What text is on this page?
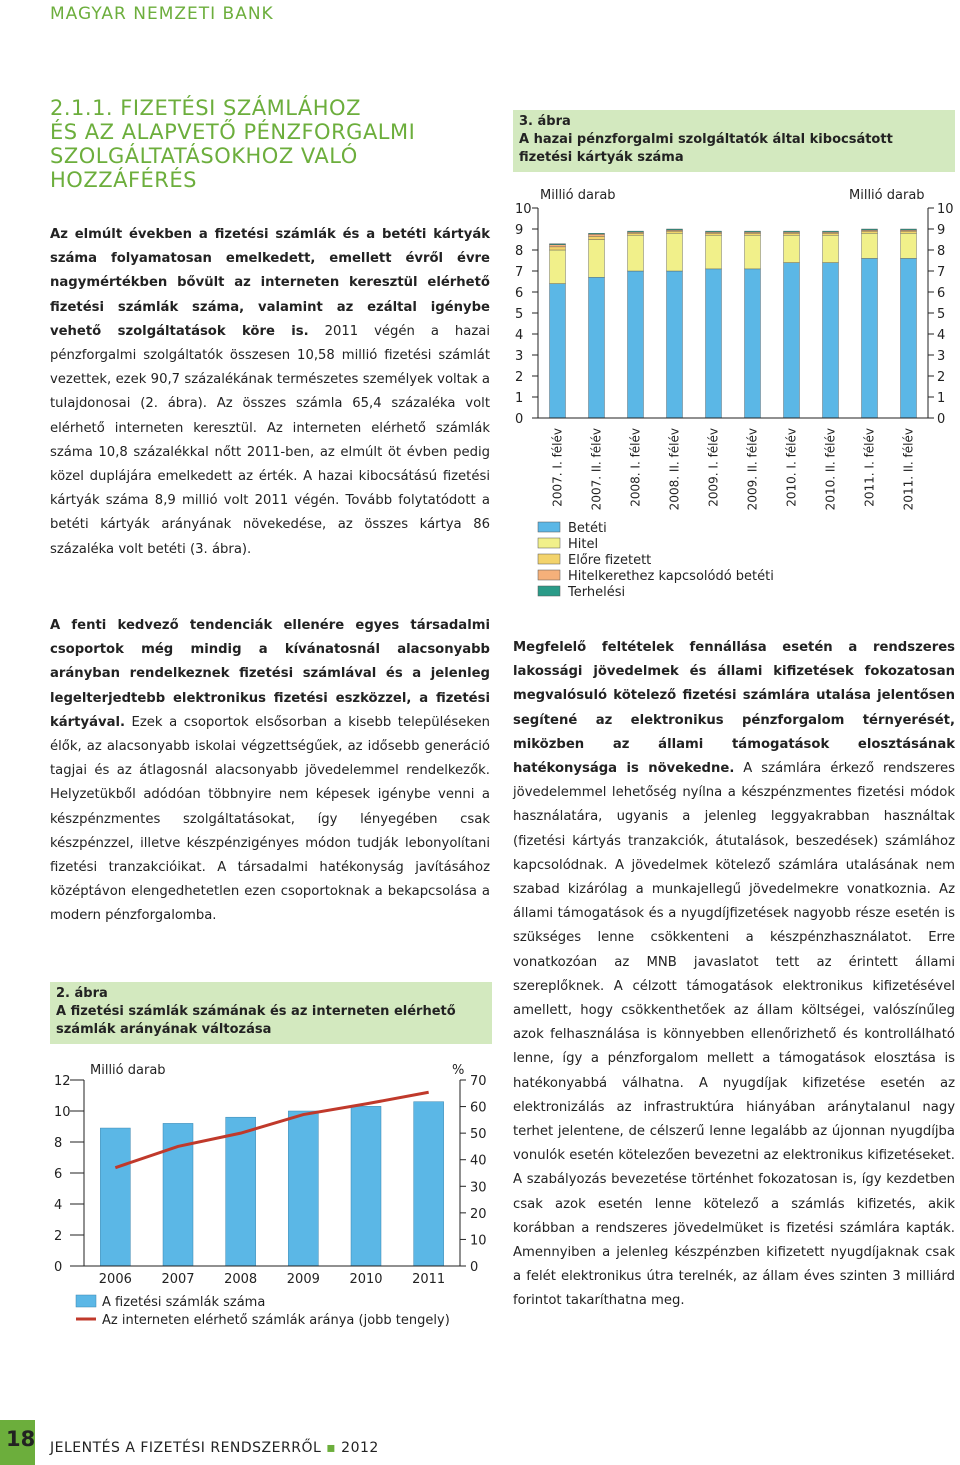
MAGYAR NEMZETI BANK
2.1.1. FIZETÉSI SZÁMLÁHOZ
ÉS AZ ALAPVETŐ PÉNZFORGALMI
SZOLGÁLTATÁSOKHOZ VALÓ
HOZZÁFÉRÉS

Az elmúlt években a fizetési számlák és a betéti kártyák száma folyamatosan emelkedett, emellett évről évre nagymértékben bővült az interneten keresztül elérhető fizetési számlák száma, valamint az ezáltal igénybe vehető szolgáltatások köre is. 2011 végén a hazai pénzforgalmi szolgáltatók összesen 10,58 millió fizetési számlát vezettek, ezek 90,7 százalékának természetes személyek voltak a tulajdonosai (2. ábra). Az összes számla 65,4 százaléka volt elérhető interneten keresztül. Az interneten elérhető számlák száma 10,8 százalékkal nőtt 2011-ben, az elmúlt öt évben pedig közel duplájára emelkedett az érték. A hazai kibocsátású fizetési kártyák száma 8,9 millió volt 2011 végén. Tovább folytatódott a betéti kártyák arányának növekedése, az összes kártya 86 százaléka volt betéti (3. ábra).

A fenti kedvező tendenciák ellenére egyes társadalmi csoportok még mindig a kívánatosnál alacsonyabb arányban rendelkeznek fizetési számlával és a jelenleg legelterjedtebb elektronikus fizetési eszközzel, a fizetési kártyával. Ezek a csoportok elsősorban a kisebb településeken élők, az alacsonyabb iskolai végzettségűek, az idősebb generáció tagjai és az átlagosnál alacsonyabb jövedelemmel rendelkezők. Helyzetükből adódóan többnyire nem képesek igénybe venni a készpénzmentes szolgáltatásokat, így lényegében csak készpénzzel, illetve készpénzigényes módon tudják lebonyolítani fizetési tranzakcióikat. A társadalmi hatékonyság javításához középtávon elengedhetetlen ezen csoportoknak a bekapcsolása a modern pénzforgalomba.

2. ábra
A fizetési számlák számának és az interneten elérhető számlák arányának változása
Millió darab	%
0
2
4
6
8
10
12
0
10
20
30
40
50
60
70
2006 2007 2008 2009 2010 2011
A fizetési számlák száma
Az interneten elérhető számlák aránya (jobb tengely)
3. ábra
A hazai pénzforgalmi szolgáltatók által kibocsátott fizetési kártyák száma
Millió darab	Millió darab
0	0
1	1
2	2
3	3
4	4
5	5
6	6
7	7
8	8
9	9
10	10
2007. I. félév 2007. II. félév 2008. I. félév 2008. II. félév 2009. I. félév 2009. II. félév 2010. I. félév 2010. II. félév 2011. I. félév 2011. II. félév
Betéti
Hitel
Előre fizetett
Hitelkerethez kapcsolódó betéti
Terhelési

Megfelelő feltételek fennállása esetén a rendszeres lakossági jövedelmek és állami kifizetések fokozatosan megvalósuló kötelező fizetési számlára utalása jelentősen segítené az elektronikus pénzforgalom térnyerését, miközben az állami támogatások elosztásának hatékonysága is növekedne. A számlára érkező rendszeres jövedelemmel lehetőség nyílna a készpénzmentes fizetési módok használatára, ugyanis a jelenleg leggyakrabban használtak (fizetési kártyás tranzakciók, átutalások, beszedések) számlához kapcsolódnak. A jövedelmek kötelező számlára utalásának nem szabad kizárólag a munkajellegű jövedelmekre vonatkoznia. Az állami támogatások és a nyugdíjfizetések nagyobb része esetén is szükséges lenne csökkenteni a készpénzhasználatot. Erre vonatkozóan az MNB javaslatot tett az érintett állami szereplőknek. A célzott támogatások elektronikus kifizetésével amellett, hogy csökkenthetőek az állam költségei, valószínűleg azok felhasználása is könnyebben ellenőrizhető és kontrollálható lenne, így a pénzforgalom mellett a támogatások elosztása is hatékonyabbá válhatna. A nyugdíjak kifizetése esetén az elektronizálás az infrastruktúra hiányában aránytalanul nagy terhet jelentene, de célszerű lenne legalább az újonnan nyugdíjba vonulók esetén kötelezően bevezetni az elektronikus kifizetéseket. A szabályozás bevezetése történhet fokozatosan is, így kezdetben csak azok esetén lenne kötelező a számlás kifizetés, akik korábban a rendszeres jövedelmüket is fizetési számlára kapták. Amennyiben a jelenleg készpénzben kifizetett nyugdíjaknak csak a felét elektronikus útra terelnék, az állam éves szinten 3 milliárd forintot takaríthatna meg.

18 JELENTÉS A FIZETÉSI RENDSZERRŐL ▪ 2012
